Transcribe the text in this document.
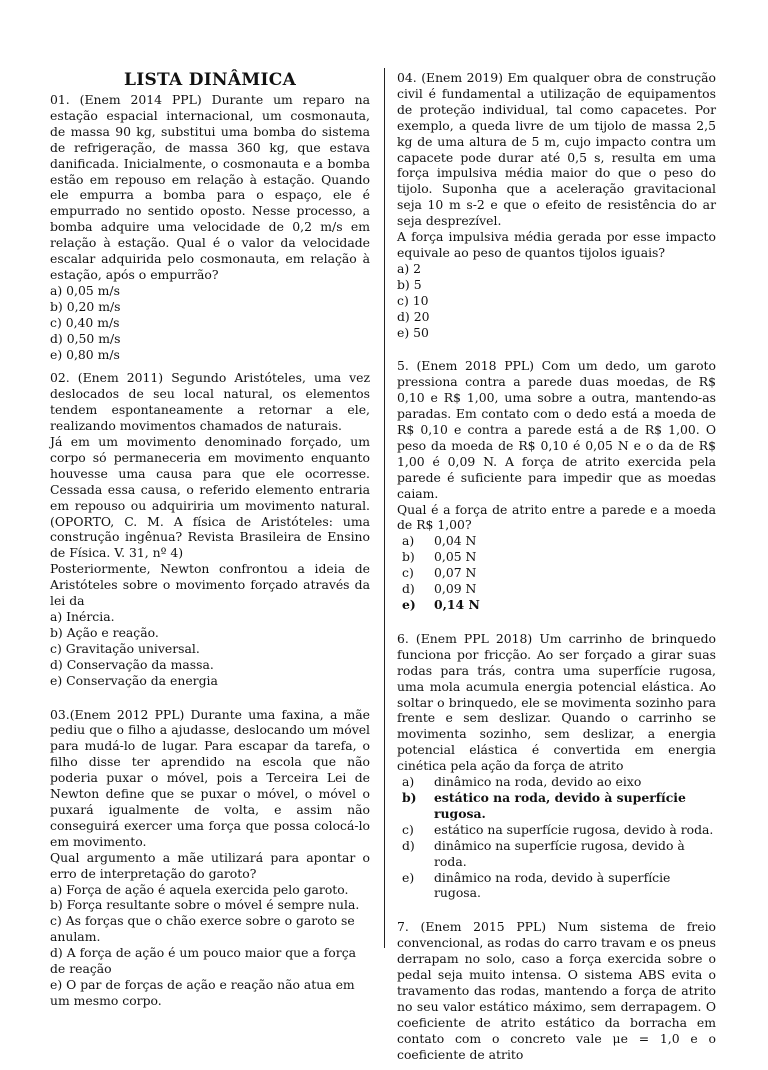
LISTA DINÂMICA

01. (Enem 2014 PPL) Durante um reparo na estação espacial internacional, um cosmonauta, de massa 90 kg, substitui uma bomba do sistema de refrigeração, de massa 360 kg, que estava danificada. Inicialmente, o cosmonauta e a bomba estão em repouso em relação à estação. Quando ele empurra a bomba para o espaço, ele é empurrado no sentido oposto. Nesse processo, a bomba adquire uma velocidade de 0,2 m/s em relação à estação. Qual é o valor da velocidade escalar adquirida pelo cosmonauta, em relação à estação, após o empurrão?

a) 0,05 m/s
b) 0,20 m/s
c) 0,40 m/s
d) 0,50 m/s
e) 0,80 m/s

02. (Enem 2011) Segundo Aristóteles, uma vez deslocados de seu local natural, os elementos tendem espontaneamente a retornar a ele, realizando movimentos chamados de naturais.

Já em um movimento denominado forçado, um corpo só permaneceria em movimento enquanto houvesse uma causa para que ele ocorresse. Cessada essa causa, o referido elemento entraria em repouso ou adquiriria um movimento natural. (OPORTO, C. M. A física de Aristóteles: uma construção ingênua? Revista Brasileira de Ensino de Física. V. 31, nº 4)

Posteriormente, Newton confrontou a ideia de Aristóteles sobre o movimento forçado através da lei da

a) Inércia.
b) Ação e reação.
c) Gravitação universal.
d) Conservação da massa.
e) Conservação da energia

03.(Enem 2012 PPL) Durante uma faxina, a mãe pediu que o filho a ajudasse, deslocando um móvel para mudá-lo de lugar. Para escapar da tarefa, o filho disse ter aprendido na escola que não poderia puxar o móvel, pois a Terceira Lei de Newton define que se puxar o móvel, o móvel o puxará igualmente de volta, e assim não conseguirá exercer uma força que possa colocá-lo em movimento.

Qual argumento a mãe utilizará para apontar o erro de interpretação do garoto?

a) Força de ação é aquela exercida pelo garoto.
b) Força resultante sobre o móvel é sempre nula.
c) As forças que o chão exerce sobre o garoto se anulam.
d) A força de ação é um pouco maior que a força de reação
e) O par de forças de ação e reação não atua em um mesmo corpo.

04. (Enem 2019) Em qualquer obra de construção civil é fundamental a utilização de equipamentos de proteção individual, tal como capacetes. Por exemplo, a queda livre de um tijolo de massa 2,5 kg de uma altura de 5 m, cujo impacto contra um capacete pode durar até 0,5 s, resulta em uma força impulsiva média maior do que o peso do tijolo. Suponha que a aceleração gravitacional seja 10 m s-2 e que o efeito de resistência do ar seja desprezível.

A força impulsiva média gerada por esse impacto equivale ao peso de quantos tijolos iguais?

a) 2
b) 5
c) 10
d) 20
e) 50

5. (Enem 2018 PPL) Com um dedo, um garoto pressiona contra a parede duas moedas, de R$ 0,10 e R$ 1,00, uma sobre a outra, mantendo-as paradas. Em contato com o dedo está a moeda de R$ 0,10 e contra a parede está a de R$ 1,00. O peso da moeda de R$ 0,10 é 0,05 N e o da de R$ 1,00 é 0,09 N. A força de atrito exercida pela parede é suficiente para impedir que as moedas caiam.

Qual é a força de atrito entre a parede e a moeda de R$ 1,00?

a)	0,04 N
b)	0,05 N
c)	0,07 N
d)	0,09 N
e)	0,14 N

6. (Enem PPL 2018) Um carrinho de brinquedo funciona por fricção. Ao ser forçado a girar suas rodas para trás, contra uma superfície rugosa, uma mola acumula energia potencial elástica. Ao soltar o brinquedo, ele se movimenta sozinho para frente e sem deslizar. Quando o carrinho se movimenta sozinho, sem deslizar, a energia potencial elástica é convertida em energia cinética pela ação da força de atrito

a)	dinâmico na roda, devido ao eixo
b)	estático na roda, devido à superfície rugosa.
c)	estático na superfície rugosa, devido à roda.
d)	dinâmico na superfície rugosa, devido à roda.
e)	dinâmico na roda, devido à superfície rugosa.

7. (Enem 2015 PPL) Num sistema de freio convencional, as rodas do carro travam e os pneus derrapam no solo, caso a força exercida sobre o pedal seja muito intensa. O sistema ABS evita o travamento das rodas, mantendo a força de atrito no seu valor estático máximo, sem derrapagem. O coeficiente de atrito estático da borracha em contato com o concreto vale μe = 1,0 e o coeficiente de atrito
